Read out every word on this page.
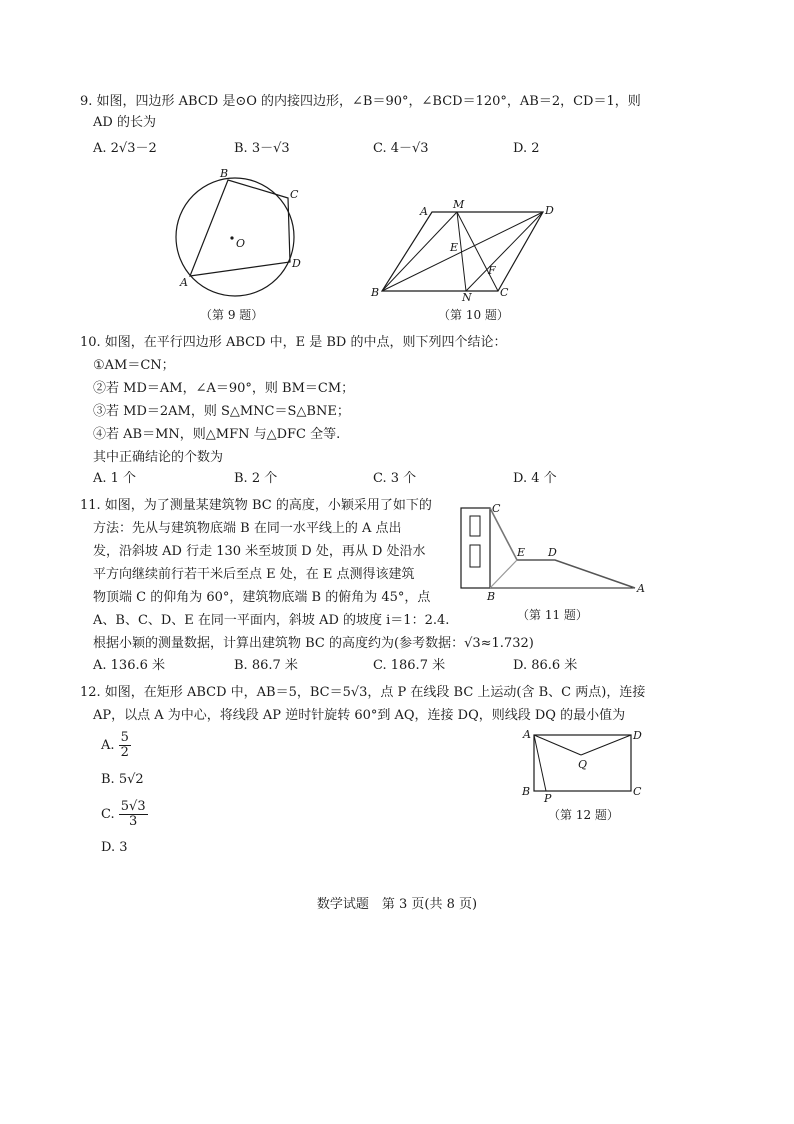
9. 如图，四边形 ABCD 是⊙O 的内接四边形，∠B＝90°，∠BCD＝120°，AB＝2，CD＝1，则
AD 的长为
A. 2√3－2	B. 3－√3	C. 4－√3	D. 2
O
B
C
D
A
（第 9 题）
A
M	D
E
F
B	N	C
（第 10 题）
10. 如图，在平行四边形 ABCD 中，E 是 BD 的中点，则下列四个结论：
①AM＝CN；
②若 MD＝AM，∠A＝90°，则 BM＝CM；
③若 MD＝2AM，则 S△MNC＝S△BNE；
④若 AB＝MN，则△MFN 与△DFC 全等.
其中正确结论的个数为
A. 1 个	B. 2 个	C. 3 个	D. 4 个
11. 如图，为了测量某建筑物 BC 的高度，小颖采用了如下的
方法：先从与建筑物底端 B 在同一水平线上的 A 点出
发，沿斜坡 AD 行走 130 米至坡顶 D 处，再从 D 处沿水
平方向继续前行若干米后至点 E 处，在 E 点测得该建筑
物顶端 C 的仰角为 60°，建筑物底端 B 的俯角为 45°，点
A、B、C、D、E 在同一平面内，斜坡 AD 的坡度 i＝1：2.4.
根据小颖的测量数据，计算出建筑物 BC 的高度约为(参考数据：√3≈1.732)
A. 136.6 米	B. 86.7 米	C. 186.7 米	D. 86.6 米
C
E D
B
A
（第 11 题）
12. 如图，在矩形 ABCD 中，AB＝5，BC＝5√3，点 P 在线段 BC 上运动(含 B、C 两点)，连接
AP，以点 A 为中心，将线段 AP 逆时针旋转 60°到 AQ，连接 DQ，则线段 DQ 的最小值为
A. $\frac{5}{2}$
B. 5√2
C. $\frac{5√3}{3}$
D. 3
A	D
Q
B
P
C
（第 12 题）
数学试题　第 3 页(共 8 页)
